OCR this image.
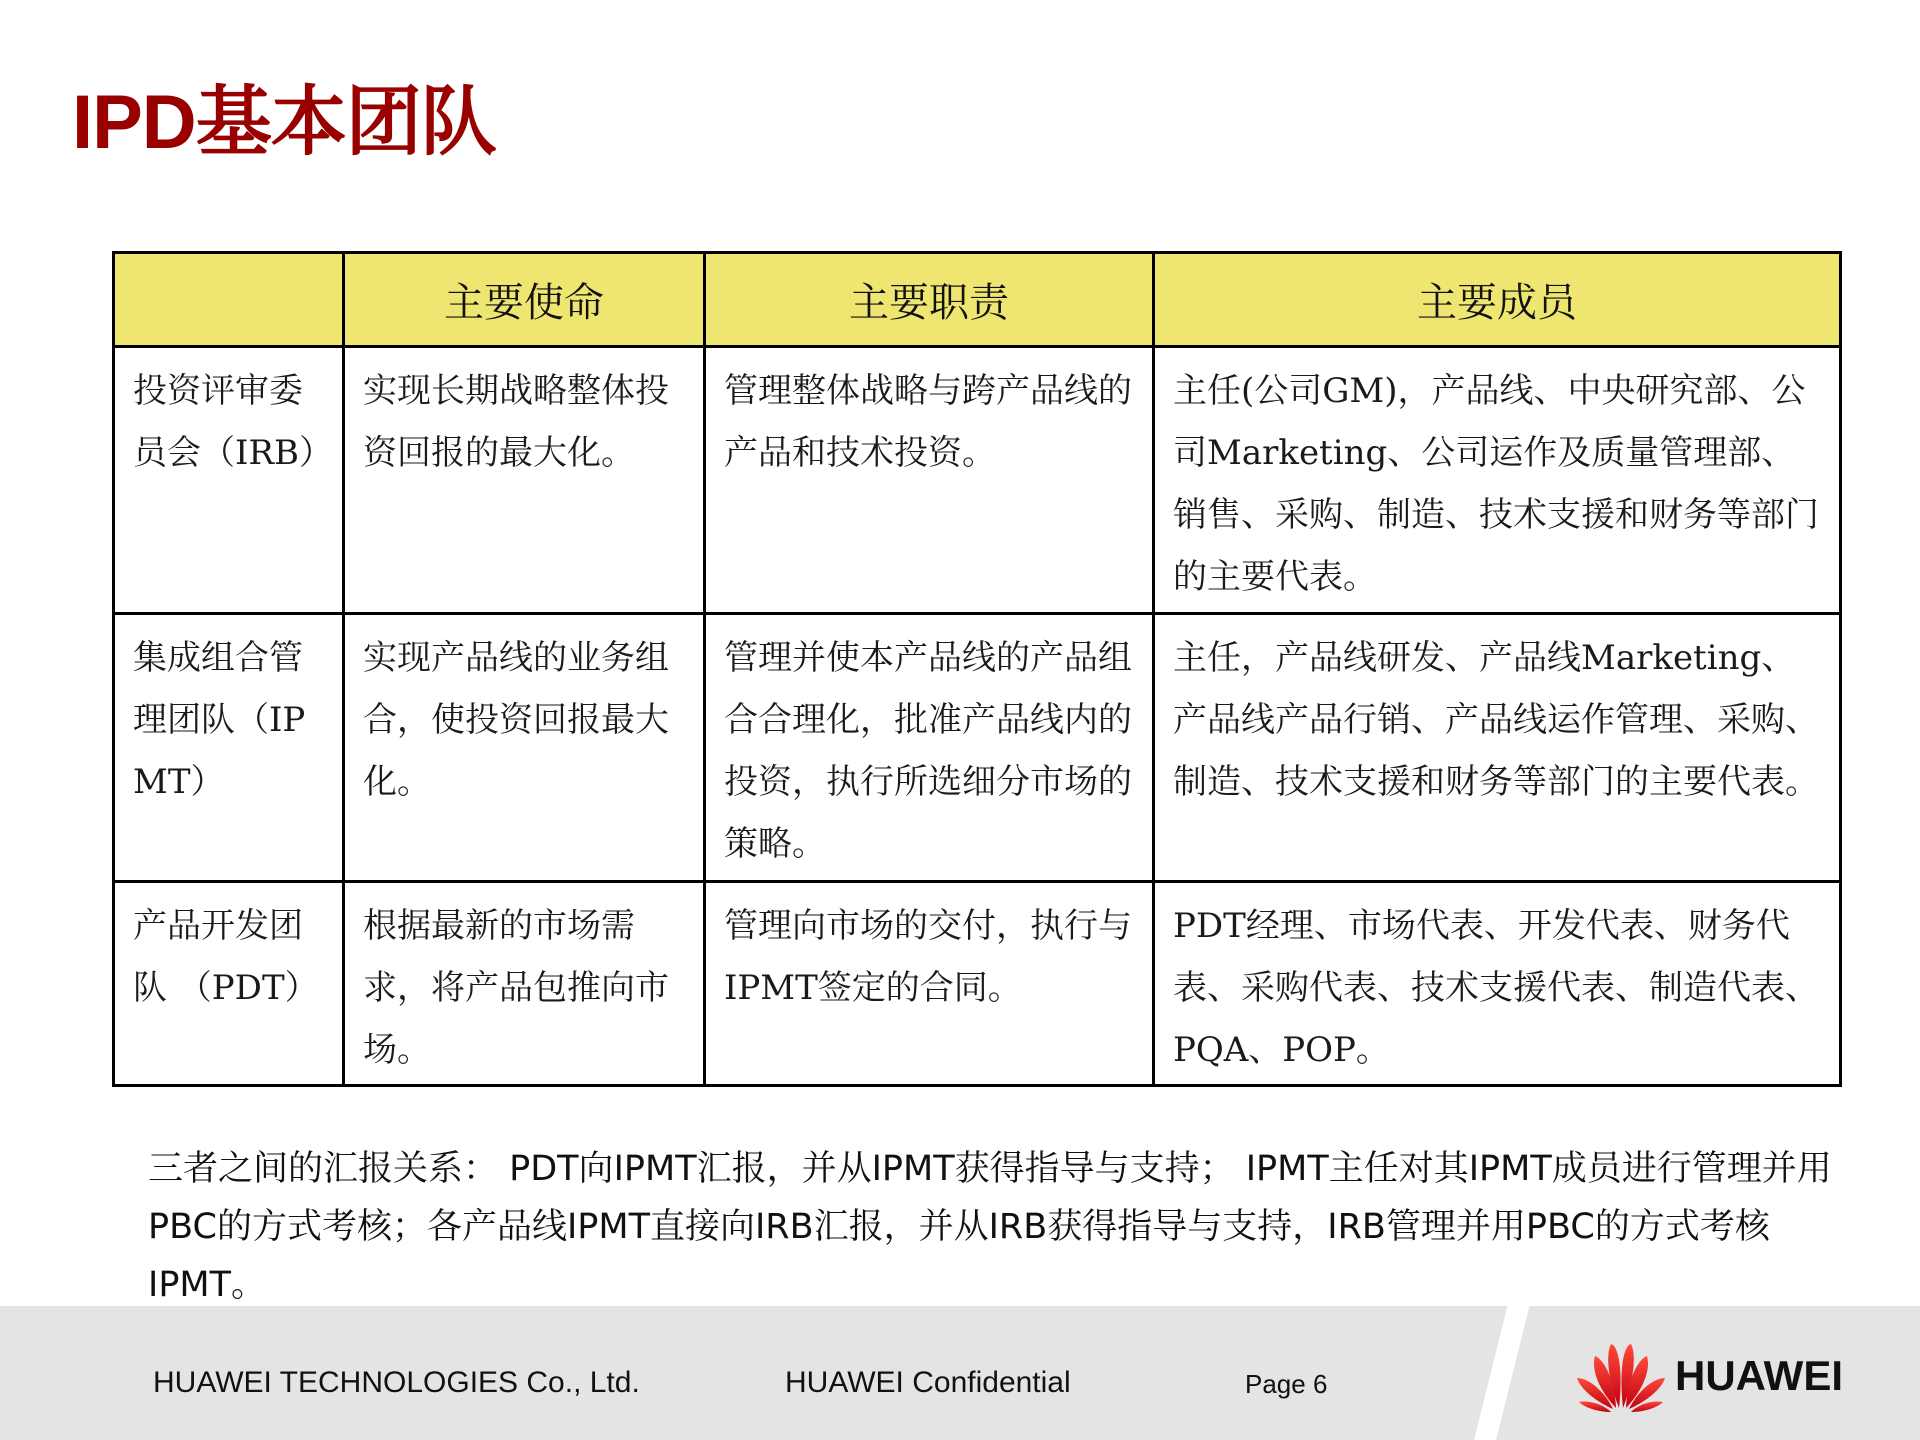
IPD基本团队
	主要使命	主要职责	主要成员

投资评审委员会（IRB）	实现长期战略整体投资回报的最大化。	管理整体战略与跨产品线的产品和技术投资。	主任(公司GM)，产品线、中央研究部、公司Marketing、公司运作及质量管理部、销售、采购、制造、技术支援和财务等部门的主要代表。

集成组合管理团队（IPMT）	实现产品线的业务组合，使投资回报最大化。	管理并使本产品线的产品组合合理化，批准产品线内的投资，执行所选细分市场的策略。	主任，产品线研发、产品线Marketing、产品线产品行销、产品线运作管理、采购、制造、技术支援和财务等部门的主要代表。

产品开发团队 （PDT）	根据最新的市场需求，将产品包推向市场。	管理向市场的交付，执行与IPMT签定的合同。	PDT经理、市场代表、开发代表、财务代表、采购代表、技术支援代表、制造代表、PQA、POP。
三者之间的汇报关系： PDT向IPMT汇报，并从IPMT获得指导与支持； IPMT主任对其IPMT成员进行管理并用PBC的方式考核；各产品线IPMT直接向IRB汇报，并从IRB获得指导与支持，IRB管理并用PBC的方式考核IPMT。
HUAWEI TECHNOLOGIES Co., Ltd.	HUAWEI Confidential	Page 6	HUAWEI
